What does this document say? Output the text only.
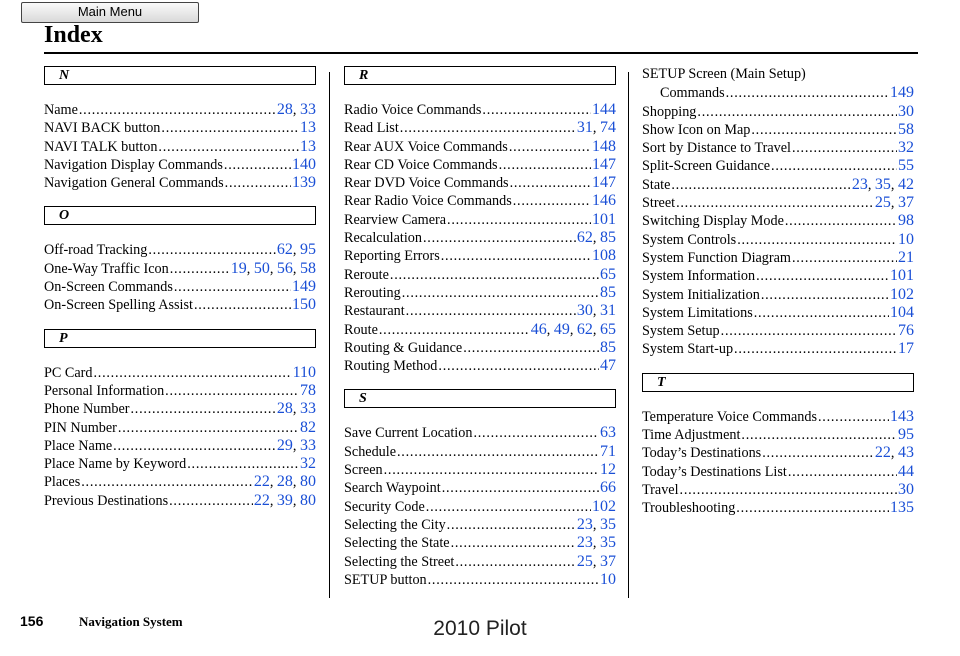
Main Menu
Index
N
Name . . .	28, 33
NAVI BACK button . . .	13
NAVI TALK button . . .	13
Navigation Display Commands . . .	140
Navigation General Commands . . .	139
O
Off-road Tracking . . .	62, 95
One-Way Traffic Icon . . .	19, 50, 56, 58
On-Screen Commands . . .	149
On-Screen Spelling Assist . . .	150
P
PC Card . . .	110
Personal Information . . .	78
Phone Number . . .	28, 33
PIN Number . . .	82
Place Name . . .	29, 33
Place Name by Keyword . . .	32
Places . . .	22, 28, 80
Previous Destinations . . .	22, 39, 80
R
Radio Voice Commands . . .	144
Read List . . .	31, 74
Rear AUX Voice Commands . . .	148
Rear CD Voice Commands . . .	147
Rear DVD Voice Commands . . .	147
Rear Radio Voice Commands . . .	146
Rearview Camera . . .	101
Recalculation . . .	62, 85
Reporting Errors . . .	108
Reroute . . .	65
Rerouting . . .	85
Restaurant . . .	30, 31
Route . . .	46, 49, 62, 65
Routing & Guidance . . .	85
Routing Method . . .	47
S
Save Current Location . . .	63
Schedule . . .	71
Screen . . .	12
Search Waypoint . . .	66
Security Code . . .	102
Selecting the City . . .	23, 35
Selecting the State . . .	23, 35
Selecting the Street . . .	25, 37
SETUP button . . .	10
SETUP Screen (Main Setup)
Commands . . .	149
Shopping . . .	30
Show Icon on Map . . .	58
Sort by Distance to Travel . . .	32
Split-Screen Guidance . . .	55
State . . .	23, 35, 42
Street . . .	25, 37
Switching Display Mode . . .	98
System Controls . . .	10
System Function Diagram . . .	21
System Information . . .	101
System Initialization . . .	102
System Limitations . . .	104
System Setup . . .	76
System Start-up . . .	17
T
Temperature Voice Commands . . .	143
Time Adjustment . . .	95
Today’s Destinations . . .	22, 43
Today’s Destinations List . . .	44
Travel . . .	30
Troubleshooting . . .	135
156	Navigation System	2010 Pilot
